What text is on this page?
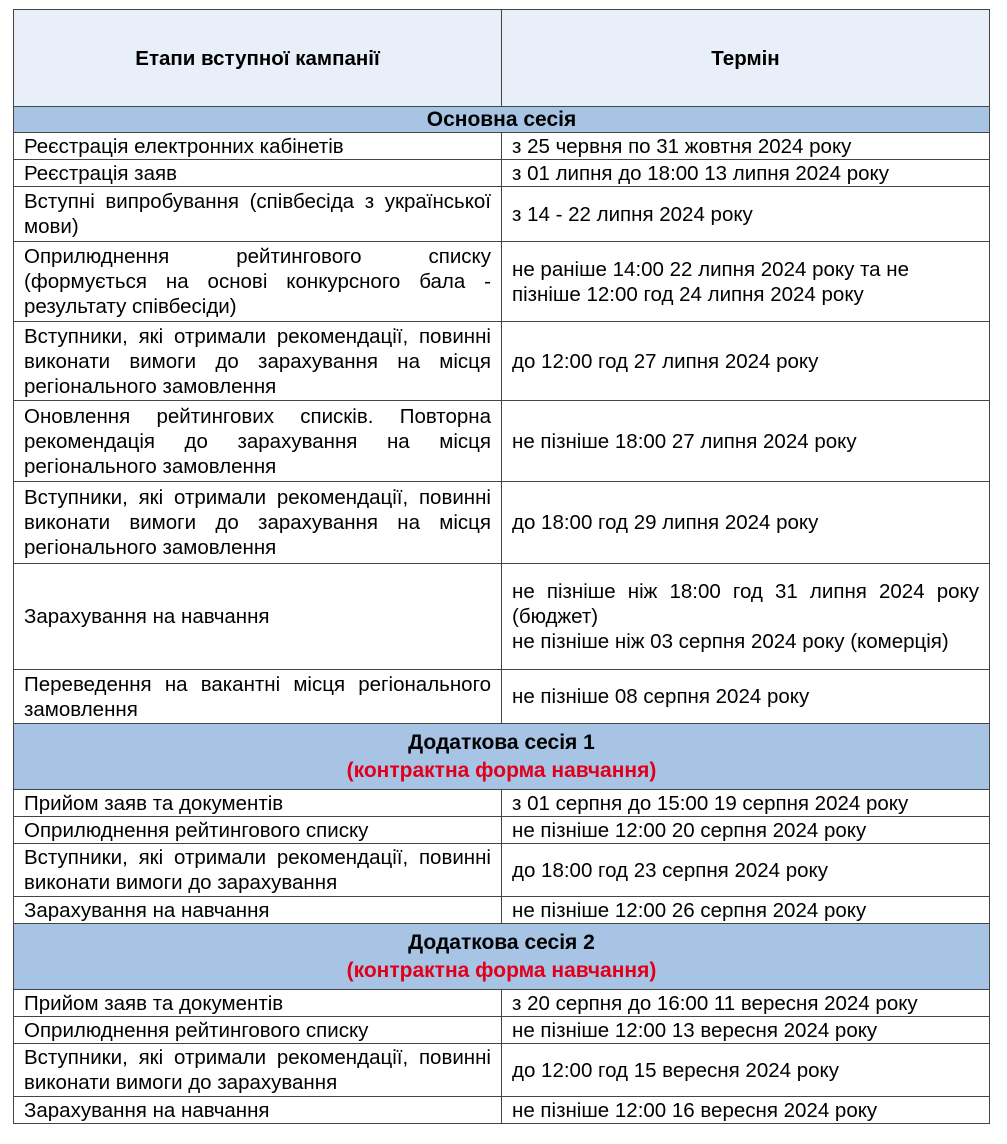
Етапи вступної кампанії	Термін
Основна сесія	
Реєстрація електронних кабінетів	з 25 червня по 31 жовтня 2024 року
Реєстрація заяв	з 01 липня до 18:00 13 липня 2024 року
Вступні випробування (співбесіда з української мови)	з 14 - 22 липня 2024 року
Оприлюднення рейтингового списку (формується на основі конкурсного бала - результату співбесіди)	не раніше 14:00 22 липня 2024 року та не пізніше 12:00 год 24 липня 2024 року
Вступники, які отримали рекомендації, повинні виконати вимоги до зарахування на місця регіонального замовлення	до 12:00 год 27 липня 2024 року
Оновлення рейтингових списків. Повторна рекомендація до зарахування на місця регіонального замовлення	не пізніше 18:00 27 липня 2024 року
Вступники, які отримали рекомендації, повинні виконати вимоги до зарахування на місця регіонального замовлення	до 18:00 год 29 липня 2024 року
Зарахування на навчання	не пізніше ніж 18:00 год 31 липня 2024 року (бюджет)
не пізніше ніж 03 серпня 2024 року (комерція)

Переведення на вакантні місця регіонального замовлення	не пізніше 08 серпня 2024 року

Додаткова сесія 1
(контрактна форма навчання)	

Прийом заяв та документів	з 01 серпня до 15:00 19 серпня 2024 року
Оприлюднення рейтингового списку	не пізніше 12:00 20 серпня 2024 року
Вступники, які отримали рекомендації, повинні виконати вимоги до зарахування	до 18:00 год 23 серпня 2024 року
Зарахування на навчання	не пізніше 12:00 26 серпня 2024 року

Додаткова сесія 2
(контрактна форма навчання)	

Прийом заяв та документів	з 20 серпня до 16:00 11 вересня 2024 року
Оприлюднення рейтингового списку	не пізніше 12:00 13 вересня 2024 року
Вступники, які отримали рекомендації, повинні виконати вимоги до зарахування	до 12:00 год 15 вересня 2024 року
Зарахування на навчання	не пізніше 12:00 16 вересня 2024 року
